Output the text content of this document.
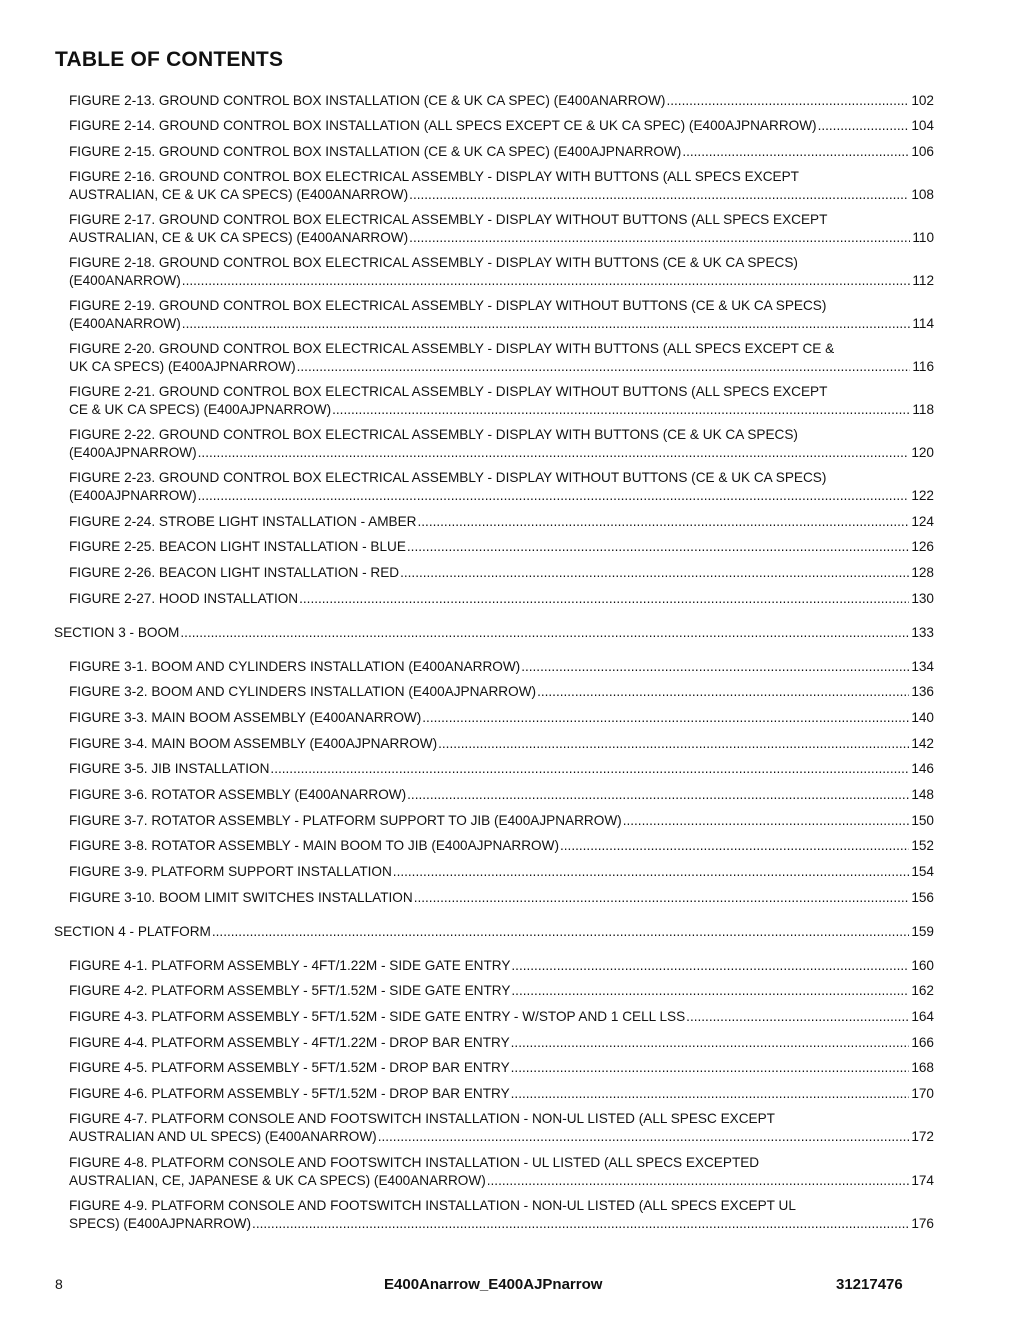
TABLE OF CONTENTS
FIGURE 2-13. GROUND CONTROL BOX INSTALLATION (CE & UK CA SPEC) (E400ANARROW) .....	102
FIGURE 2-14. GROUND CONTROL BOX INSTALLATION (ALL SPECS EXCEPT CE & UK CA SPEC) (E400AJPNARROW) .....	104
FIGURE 2-15. GROUND CONTROL BOX INSTALLATION (CE & UK CA SPEC) (E400AJPNARROW) .....	106
FIGURE 2-16. GROUND CONTROL BOX ELECTRICAL ASSEMBLY - DISPLAY WITH BUTTONS (ALL SPECS EXCEPT
AUSTRALIAN, CE & UK CA SPECS) (E400ANARROW) .....	108
FIGURE 2-17. GROUND CONTROL BOX ELECTRICAL ASSEMBLY - DISPLAY WITHOUT BUTTONS (ALL SPECS EXCEPT
AUSTRALIAN, CE & UK CA SPECS) (E400ANARROW) .....	110
FIGURE 2-18. GROUND CONTROL BOX ELECTRICAL ASSEMBLY - DISPLAY WITH BUTTONS (CE & UK CA SPECS)
(E400ANARROW) .....	112
FIGURE 2-19. GROUND CONTROL BOX ELECTRICAL ASSEMBLY - DISPLAY WITHOUT BUTTONS (CE & UK CA SPECS)
(E400ANARROW) .....	114
FIGURE 2-20. GROUND CONTROL BOX ELECTRICAL ASSEMBLY - DISPLAY WITH BUTTONS (ALL SPECS EXCEPT CE &
UK CA SPECS) (E400AJPNARROW) .....	116
FIGURE 2-21. GROUND CONTROL BOX ELECTRICAL ASSEMBLY - DISPLAY WITHOUT BUTTONS (ALL SPECS EXCEPT
CE & UK CA SPECS) (E400AJPNARROW) .....	118
FIGURE 2-22. GROUND CONTROL BOX ELECTRICAL ASSEMBLY - DISPLAY WITH BUTTONS (CE & UK CA SPECS)
(E400AJPNARROW) .....	120
FIGURE 2-23. GROUND CONTROL BOX ELECTRICAL ASSEMBLY - DISPLAY WITHOUT BUTTONS (CE & UK CA SPECS)
(E400AJPNARROW) .....	122
FIGURE 2-24. STROBE LIGHT INSTALLATION - AMBER .....	124
FIGURE 2-25. BEACON LIGHT INSTALLATION - BLUE .....	126
FIGURE 2-26. BEACON LIGHT INSTALLATION - RED .....	128
FIGURE 2-27. HOOD INSTALLATION .....	130
SECTION 3 - BOOM .....	133
FIGURE 3-1. BOOM AND CYLINDERS INSTALLATION (E400ANARROW) .....	134
FIGURE 3-2. BOOM AND CYLINDERS INSTALLATION (E400AJPNARROW) .....	136
FIGURE 3-3. MAIN BOOM ASSEMBLY (E400ANARROW) .....	140
FIGURE 3-4. MAIN BOOM ASSEMBLY (E400AJPNARROW) .....	142
FIGURE 3-5. JIB INSTALLATION .....	146
FIGURE 3-6. ROTATOR ASSEMBLY (E400ANARROW) .....	148
FIGURE 3-7. ROTATOR ASSEMBLY - PLATFORM SUPPORT TO JIB (E400AJPNARROW) .....	150
FIGURE 3-8. ROTATOR ASSEMBLY - MAIN BOOM TO JIB (E400AJPNARROW) .....	152
FIGURE 3-9. PLATFORM SUPPORT INSTALLATION .....	154
FIGURE 3-10. BOOM LIMIT SWITCHES INSTALLATION .....	156
SECTION 4 - PLATFORM .....	159
FIGURE 4-1. PLATFORM ASSEMBLY - 4FT/1.22M - SIDE GATE ENTRY .....	160
FIGURE 4-2. PLATFORM ASSEMBLY - 5FT/1.52M - SIDE GATE ENTRY .....	162
FIGURE 4-3. PLATFORM ASSEMBLY - 5FT/1.52M - SIDE GATE ENTRY - W/STOP AND 1 CELL LSS .....	164
FIGURE 4-4. PLATFORM ASSEMBLY - 4FT/1.22M - DROP BAR ENTRY .....	166
FIGURE 4-5. PLATFORM ASSEMBLY - 5FT/1.52M - DROP BAR ENTRY .....	168
FIGURE 4-6. PLATFORM ASSEMBLY - 5FT/1.52M - DROP BAR ENTRY .....	170
FIGURE 4-7. PLATFORM CONSOLE AND FOOTSWITCH INSTALLATION - NON-UL LISTED (ALL SPESC EXCEPT
AUSTRALIAN AND UL SPECS) (E400ANARROW) .....	172
FIGURE 4-8. PLATFORM CONSOLE AND FOOTSWITCH INSTALLATION - UL LISTED (ALL SPECS EXCEPTED
AUSTRALIAN, CE, JAPANESE & UK CA SPECS) (E400ANARROW) .....	174
FIGURE 4-9. PLATFORM CONSOLE AND FOOTSWITCH INSTALLATION - NON-UL LISTED (ALL SPECS EXCEPT UL
SPECS) (E400AJPNARROW) .....	176
8	E400Anarrow_E400AJPnarrow	31217476
